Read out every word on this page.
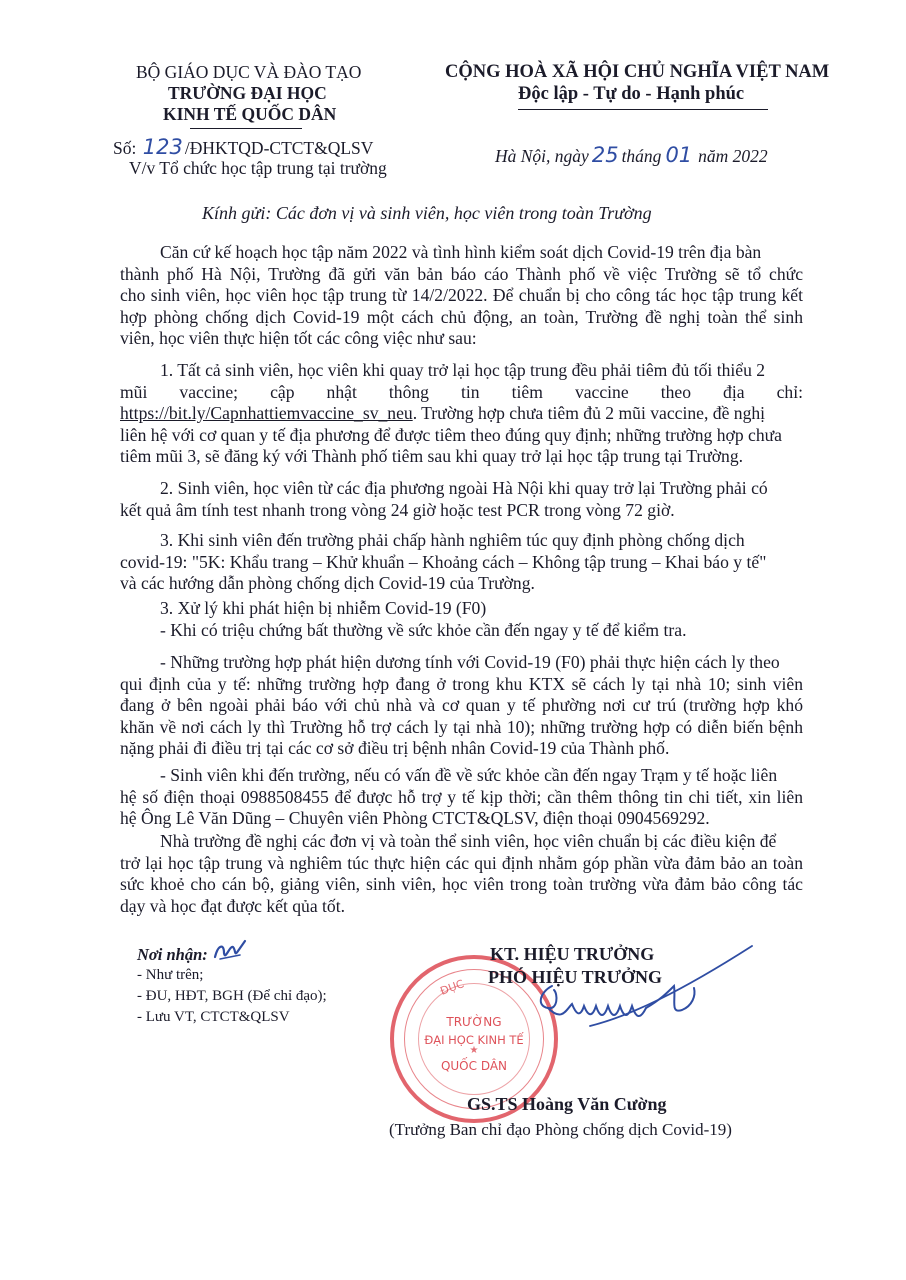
BỘ GIÁO DỤC VÀ ĐÀO TẠO
TRƯỜNG ĐẠI HỌC
KINH TẾ QUỐC DÂN
Số: 123 /ĐHKTQD-CTCT&QLSV
V/v Tổ chức học tập trung tại trường
CỘNG HOÀ XÃ HỘI CHỦ NGHĨA VIỆT NAM
Độc lập - Tự do - Hạnh phúc
Hà Nội, ngày 25 tháng 01 năm 2022
Kính gửi: Các đơn vị và sinh viên, học viên trong toàn Trường
Căn cứ kế hoạch học tập năm 2022 và tình hình kiểm soát dịch Covid-19 trên địa bàn
thành phố Hà Nội, Trường đã gửi văn bản báo cáo Thành phố về việc Trường sẽ tổ chức
cho sinh viên, học viên học tập trung từ 14/2/2022. Để chuẩn bị cho công tác học tập trung kết
hợp phòng chống dịch Covid-19 một cách chủ động, an toàn, Trường đề nghị toàn thể sinh
viên, học viên thực hiện tốt các công việc như sau:
1. Tất cả sinh viên, học viên khi quay trở lại học tập trung đều phải tiêm đủ tối thiểu 2
mũi vaccine; cập nhật thông tin tiêm vaccine theo địa chỉ:
https://bit.ly/Capnhattiemvaccine_sv_neu. Trường hợp chưa tiêm đủ 2 mũi vaccine, đề nghị
liên hệ với cơ quan y tế địa phương để được tiêm theo đúng quy định; những trường hợp chưa
tiêm mũi 3, sẽ đăng ký với Thành phố tiêm sau khi quay trở lại học tập trung tại Trường.
2. Sinh viên, học viên từ các địa phương ngoài Hà Nội khi quay trở lại Trường phải có
kết quả âm tính test nhanh trong vòng 24 giờ hoặc test PCR trong vòng 72 giờ.
3. Khi sinh viên đến trường phải chấp hành nghiêm túc quy định phòng chống dịch
covid-19: "5K: Khẩu trang – Khử khuẩn – Khoảng cách – Không tập trung – Khai báo y tế"
và các hướng dẫn phòng chống dịch Covid-19 của Trường.
3. Xử lý khi phát hiện bị nhiễm Covid-19 (F0)
- Khi có triệu chứng bất thường về sức khỏe cần đến ngay y tế để kiểm tra.
- Những trường hợp phát hiện dương tính với Covid-19 (F0) phải thực hiện cách ly theo
qui định của y tế: những trường hợp đang ở trong khu KTX sẽ cách ly tại nhà 10; sinh viên
đang ở bên ngoài phải báo với chủ nhà và cơ quan y tế phường nơi cư trú (trường hợp khó
khăn về nơi cách ly thì Trường hỗ trợ cách ly tại nhà 10); những trường hợp có diễn biến bệnh
nặng phải đi điều trị tại các cơ sở điều trị bệnh nhân Covid-19 của Thành phố.
- Sinh viên khi đến trường, nếu có vấn đề về sức khỏe cần đến ngay Trạm y tế hoặc liên
hệ số điện thoại 0988508455 để được hỗ trợ y tế kịp thời; cần thêm thông tin chi tiết, xin liên
hệ Ông Lê Văn Dũng – Chuyên viên Phòng CTCT&QLSV, điện thoại 0904569292.
Nhà trường đề nghị các đơn vị và toàn thể sinh viên, học viên chuẩn bị các điều kiện để
trở lại học tập trung và nghiêm túc thực hiện các qui định nhằm góp phần vừa đảm bảo an toàn
sức khoẻ cho cán bộ, giảng viên, sinh viên, học viên trong toàn trường vừa đảm bảo công tác
dạy và học đạt được kết qủa tốt.
Nơi nhận:
- Như trên;
- ĐU, HĐT, BGH (Để chỉ đạo);
- Lưu VT, CTCT&QLSV
ĐỤC
TRƯỜNG
ĐẠI HỌC KINH TẾ
QUỐC DÂN
★
KT. HIỆU TRƯỞNG
PHÓ HIỆU TRƯỞNG
GS.TS Hoàng Văn Cường
(Trưởng Ban chỉ đạo Phòng chống dịch Covid-19)
